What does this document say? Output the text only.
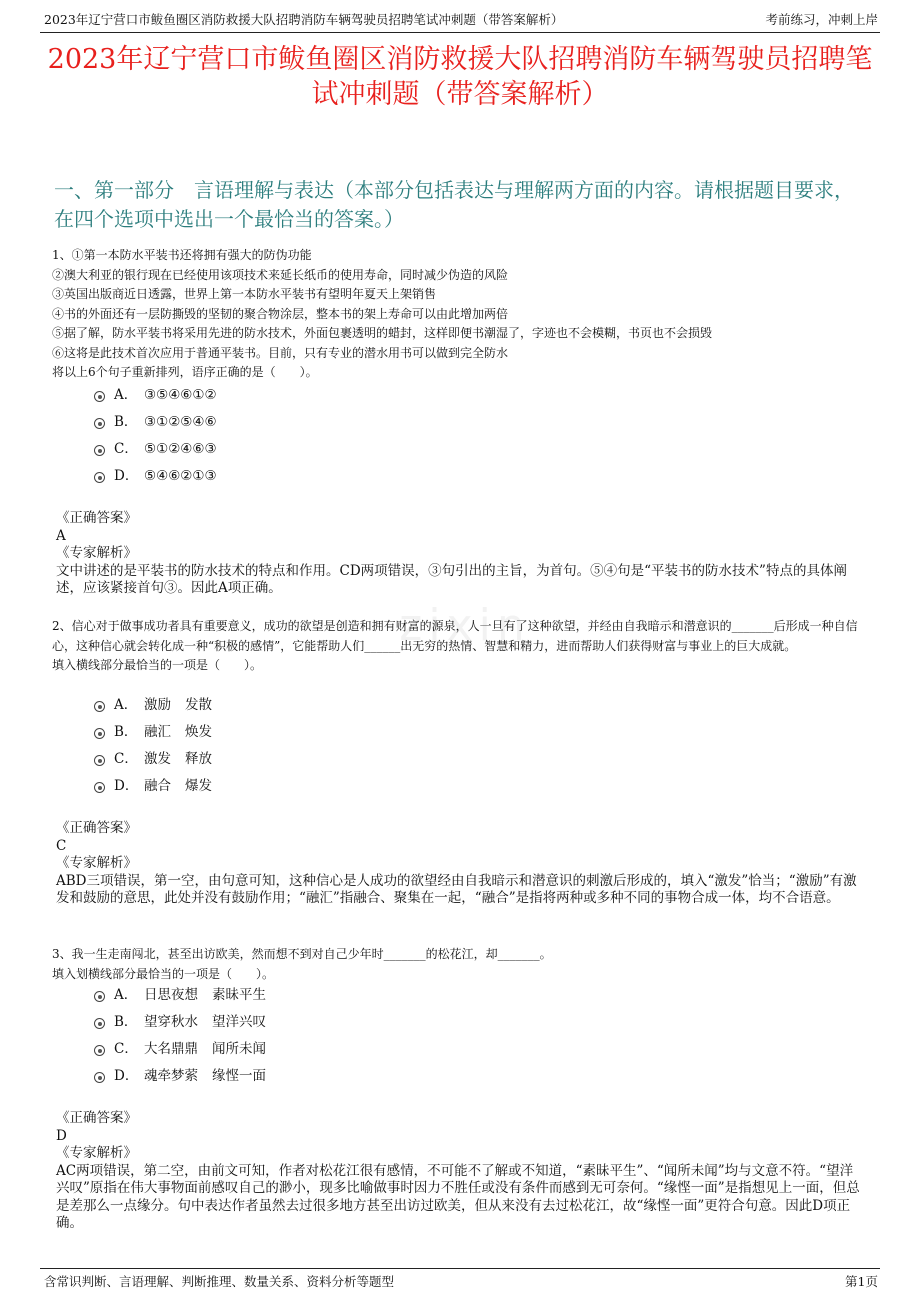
2023年辽宁营口市鲅鱼圈区消防救援大队招聘消防车辆驾驶员招聘笔试冲刺题（带答案解析）	考前练习，冲刺上岸
2023年辽宁营口市鲅鱼圈区消防救援大队招聘消防车辆驾驶员招聘笔试冲刺题（带答案解析）
一、第一部分　言语理解与表达（本部分包括表达与理解两方面的内容。请根据题目要求，在四个选项中选出一个最恰当的答案。）
zixin

1、①第一本防水平装书还将拥有强大的防伪功能

②澳大利亚的银行现在已经使用该项技术来延长纸币的使用寿命，同时减少伪造的风险

③英国出版商近日透露，世界上第一本防水平装书有望明年夏天上架销售

④书的外面还有一层防撕毁的坚韧的聚合物涂层，整本书的架上寿命可以由此增加两倍

⑤据了解，防水平装书将采用先进的防水技术，外面包裹透明的蜡封，这样即便书潮湿了，字迹也不会模糊，书页也不会损毁

⑥这将是此技术首次应用于普通平装书。目前，只有专业的潜水用书可以做到完全防水

将以上6个句子重新排列，语序正确的是（　　）。

A． ③⑤④⑥①②
B． ③①②⑤④⑥
C． ⑤①②④⑥③
D． ⑤④⑥②①③

《正确答案》

A

《专家解析》

文中讲述的是平装书的防水技术的特点和作用。CD两项错误，③句引出的主旨，为首句。⑤④句是“平装书的防水技术”特点的具体阐述，应该紧接首句③。因此A项正确。

2、信心对于做事成功者具有重要意义，成功的欲望是创造和拥有财富的源泉，人一旦有了这种欲望，并经由自我暗示和潜意识的_______后形成一种自信心，这种信心就会转化成一种“积极的感情”，它能帮助人们______出无穷的热情、智慧和精力，进而帮助人们获得财富与事业上的巨大成就。

填入横线部分最恰当的一项是（　　）。

A． 激励 发散
B． 融汇 焕发
C． 激发 释放
D． 融合 爆发

《正确答案》

C

《专家解析》

ABD三项错误，第一空，由句意可知，这种信心是人成功的欲望经由自我暗示和潜意识的刺激后形成的，填入“激发”恰当；“激励”有激发和鼓励的意思，此处并没有鼓励作用；“融汇”指融合、聚集在一起，“融合”是指将两种或多种不同的事物合成一体，均不合语意。

3、我一生走南闯北，甚至出访欧美，然而想不到对自己少年时_______的松花江，却_______。

填入划横线部分最恰当的一项是（　　）。

A． 日思夜想 素昧平生
B． 望穿秋水 望洋兴叹
C． 大名鼎鼎 闻所未闻
D． 魂牵梦萦 缘悭一面

《正确答案》

D

《专家解析》

AC两项错误，第二空，由前文可知，作者对松花江很有感情，不可能不了解或不知道，“素昧平生”、“闻所未闻”均与文意不符。“望洋兴叹”原指在伟大事物面前感叹自己的渺小，现多比喻做事时因力不胜任或没有条件而感到无可奈何。“缘悭一面”是指想见上一面，但总是差那么一点缘分。句中表达作者虽然去过很多地方甚至出访过欧美，但从来没有去过松花江，故“缘悭一面”更符合句意。因此D项正确。

含常识判断、言语理解、判断推理、数量关系、资料分析等题型	第1页
